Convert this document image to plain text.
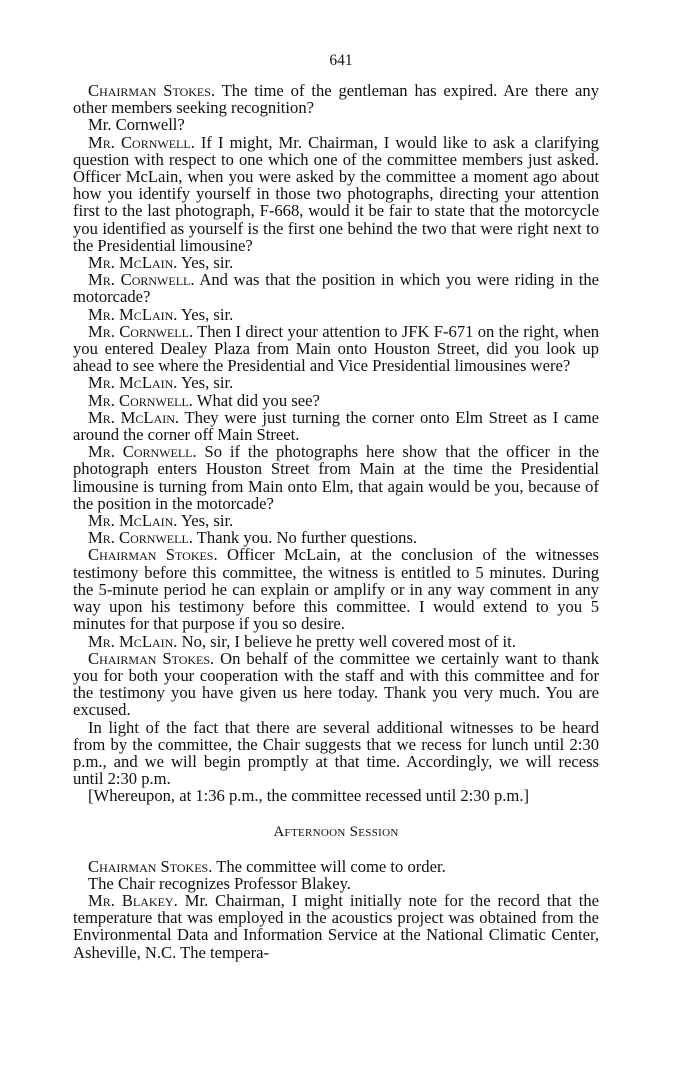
641

Chairman Stokes. The time of the gentleman has expired. Are there any other members seeking recognition?

Mr. Cornwell?

Mr. Cornwell. If I might, Mr. Chairman, I would like to ask a clarifying question with respect to one which one of the committee members just asked. Officer McLain, when you were asked by the committee a moment ago about how you identify yourself in those two photographs, directing your attention first to the last photograph, F-668, would it be fair to state that the motorcycle you identified as yourself is the first one behind the two that were right next to the Presidential limousine?

Mr. McLain. Yes, sir.

Mr. Cornwell. And was that the position in which you were riding in the motorcade?

Mr. McLain. Yes, sir.

Mr. Cornwell. Then I direct your attention to JFK F-671 on the right, when you entered Dealey Plaza from Main onto Houston Street, did you look up ahead to see where the Presidential and Vice Presidential limousines were?

Mr. McLain. Yes, sir.

Mr. Cornwell. What did you see?

Mr. McLain. They were just turning the corner onto Elm Street as I came around the corner off Main Street.

Mr. Cornwell. So if the photographs here show that the officer in the photograph enters Houston Street from Main at the time the Presidential limousine is turning from Main onto Elm, that again would be you, because of the position in the motorcade?

Mr. McLain. Yes, sir.

Mr. Cornwell. Thank you. No further questions.

Chairman Stokes. Officer McLain, at the conclusion of the witnesses testimony before this committee, the witness is entitled to 5 minutes. During the 5-minute period he can explain or amplify or in any way comment in any way upon his testimony before this committee. I would extend to you 5 minutes for that purpose if you so desire.

Mr. McLain. No, sir, I believe he pretty well covered most of it.

Chairman Stokes. On behalf of the committee we certainly want to thank you for both your cooperation with the staff and with this committee and for the testimony you have given us here today. Thank you very much. You are excused.

In light of the fact that there are several additional witnesses to be heard from by the committee, the Chair suggests that we recess for lunch until 2:30 p.m., and we will begin promptly at that time. Accordingly, we will recess until 2:30 p.m.

[Whereupon, at 1:36 p.m., the committee recessed until 2:30 p.m.]

Afternoon Session

Chairman Stokes. The committee will come to order.

The Chair recognizes Professor Blakey.

Mr. Blakey. Mr. Chairman, I might initially note for the record that the temperature that was employed in the acoustics project was obtained from the Environmental Data and Information Service at the National Climatic Center, Asheville, N.C. The tempera-
